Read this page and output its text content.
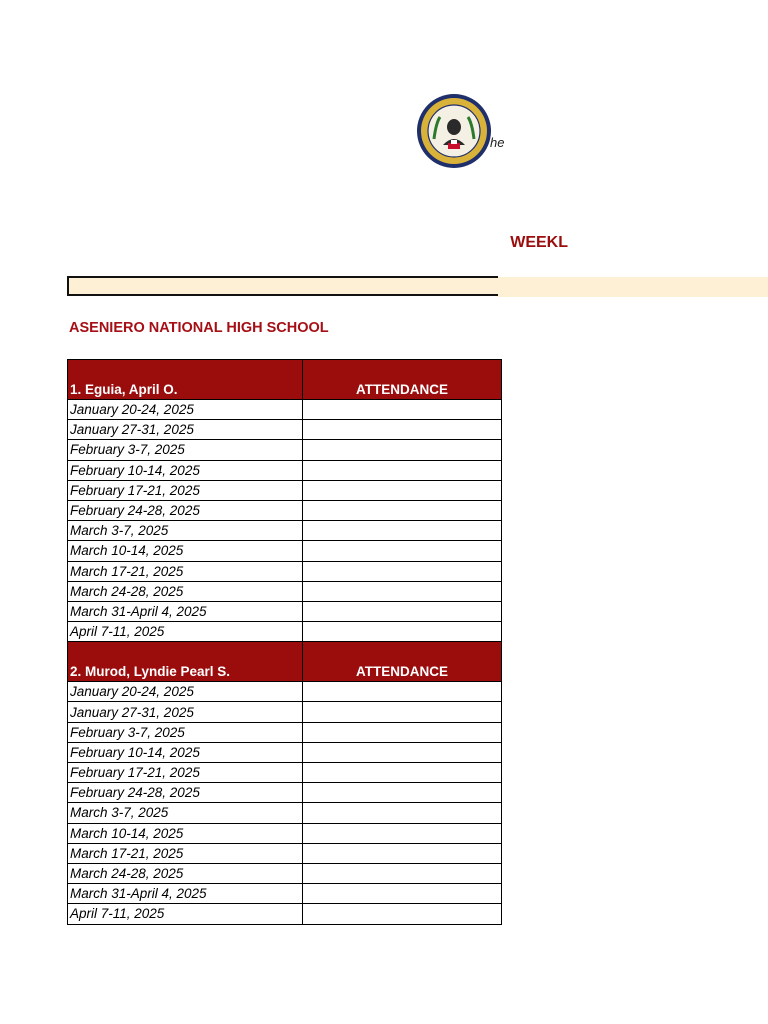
he
WEEKL
ASENIERO NATIONAL HIGH SCHOOL
1. Eguia, April O.	ATTENDANCE
January 20-24, 2025	
January 27-31, 2025	
February 3-7, 2025	
February 10-14, 2025	
February 17-21, 2025	
February 24-28, 2025	
March 3-7, 2025	
March 10-14, 2025	
March 17-21, 2025	
March 24-28, 2025	
March 31-April 4, 2025	
April 7-11, 2025	
2. Murod, Lyndie Pearl S.	ATTENDANCE
January 20-24, 2025	
January 27-31, 2025	
February 3-7, 2025	
February 10-14, 2025	
February 17-21, 2025	
February 24-28, 2025	
March 3-7, 2025	
March 10-14, 2025	
March 17-21, 2025	
March 24-28, 2025	
March 31-April 4, 2025	
April 7-11, 2025	
